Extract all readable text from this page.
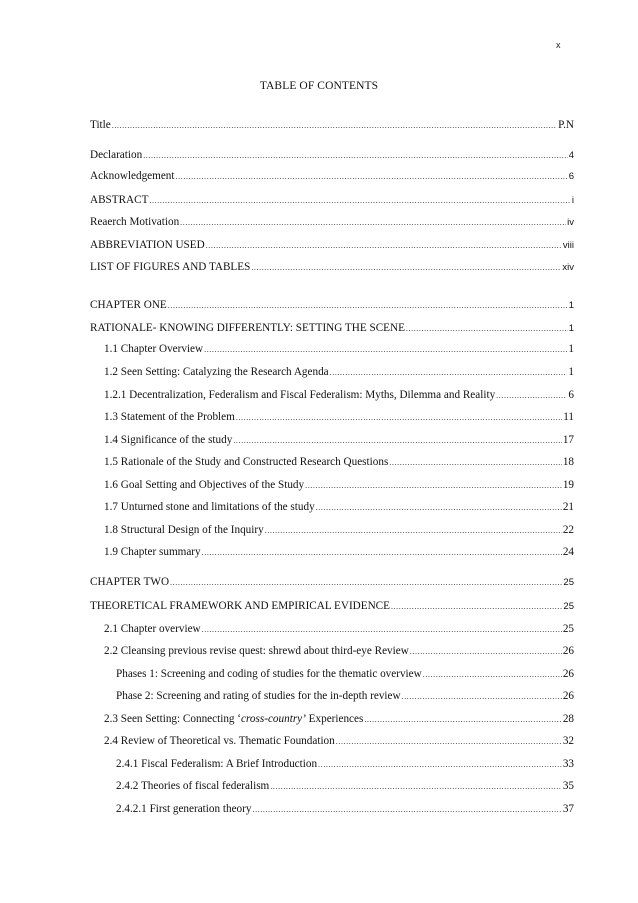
x
TABLE OF CONTENTS
Title .....	P.N
Declaration .....	4
Acknowledgement .....	6
ABSTRACT .....	i
Reaerch Motivation .....	iv
ABBREVIATION USED .....	viii
LIST OF FIGURES AND TABLES .....	xiv
CHAPTER ONE .....	1
RATIONALE- KNOWING DIFFERENTLY: SETTING THE SCENE .....	1
1.1 Chapter Overview .....	1
1.2 Seen Setting: Catalyzing the Research Agenda .....	1
1.2.1 Decentralization, Federalism and Fiscal Federalism: Myths, Dilemma and Reality .....	6
1.3 Statement of the Problem .....	11
1.4 Significance of the study .....	17
1.5 Rationale of the Study and Constructed Research Questions .....	18
1.6 Goal Setting and Objectives of the Study .....	19
1.7 Unturned stone and limitations of the study .....	21
1.8 Structural Design of the Inquiry .....	22
1.9 Chapter summary .....	24
CHAPTER TWO .....	25
THEORETICAL FRAMEWORK AND EMPIRICAL EVIDENCE .....	25
2.1 Chapter overview .....	25
2.2 Cleansing previous revise quest: shrewd about third-eye Review .....	26
Phases 1: Screening and coding of studies for the thematic overview .....	26
Phase 2: Screening and rating of studies for the in-depth review .....	26
2.3 Seen Setting: Connecting ‘cross-country’ Experiences .....	28
2.4 Review of Theoretical vs. Thematic Foundation .....	32
2.4.1 Fiscal Federalism: A Brief Introduction .....	33
2.4.2 Theories of fiscal federalism .....	35
2.4.2.1 First generation theory .....	37
